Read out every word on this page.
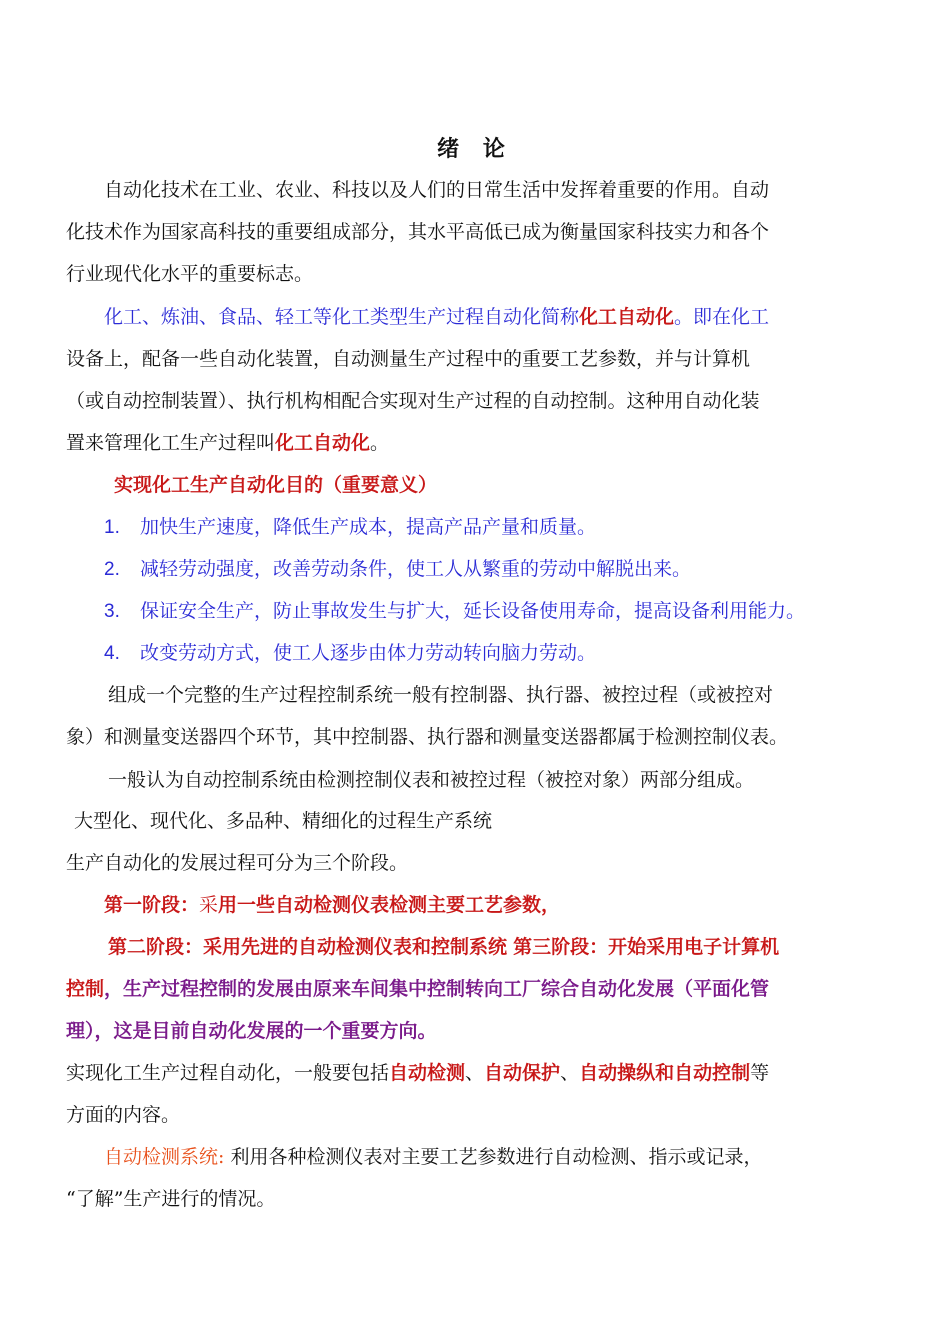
绪 论
自动化技术在工业、农业、科技以及人们的日常生活中发挥着重要的作用。自动
化技术作为国家高科技的重要组成部分，其水平高低已成为衡量国家科技实力和各个
行业现代化水平的重要标志。
化工、炼油、食品、轻工等化工类型生产过程自动化简称化工自动化。即在化工
设备上，配备一些自动化装置，自动测量生产过程中的重要工艺参数，并与计算机
（或自动控制装置）、执行机构相配合实现对生产过程的自动控制。这种用自动化装
置来管理化工生产过程叫化工自动化。
实现化工生产自动化目的（重要意义）
1. 加快生产速度，降低生产成本，提高产品产量和质量。
2. 减轻劳动强度，改善劳动条件，使工人从繁重的劳动中解脱出来。
3. 保证安全生产，防止事故发生与扩大，延长设备使用寿命，提高设备利用能力。
4. 改变劳动方式，使工人逐步由体力劳动转向脑力劳动。
组成一个完整的生产过程控制系统一般有控制器、执行器、被控过程（或被控对
象）和测量变送器四个环节，其中控制器、执行器和测量变送器都属于检测控制仪表。
一般认为自动控制系统由检测控制仪表和被控过程（被控对象）两部分组成。
大型化、现代化、多品种、精细化的过程生产系统
生产自动化的发展过程可分为三个阶段。
第一阶段：采用一些自动检测仪表检测主要工艺参数，
第二阶段：采用先进的自动检测仪表和控制系统 第三阶段：开始采用电子计算机
控制，生产过程控制的发展由原来车间集中控制转向工厂综合自动化发展（平面化管
理），这是目前自动化发展的一个重要方向。
实现化工生产过程自动化，一般要包括自动检测、自动保护、自动操纵和自动控制等
方面的内容。
自动检测系统: 利用各种检测仪表对主要工艺参数进行自动检测、指示或记录，
“了解”生产进行的情况。
